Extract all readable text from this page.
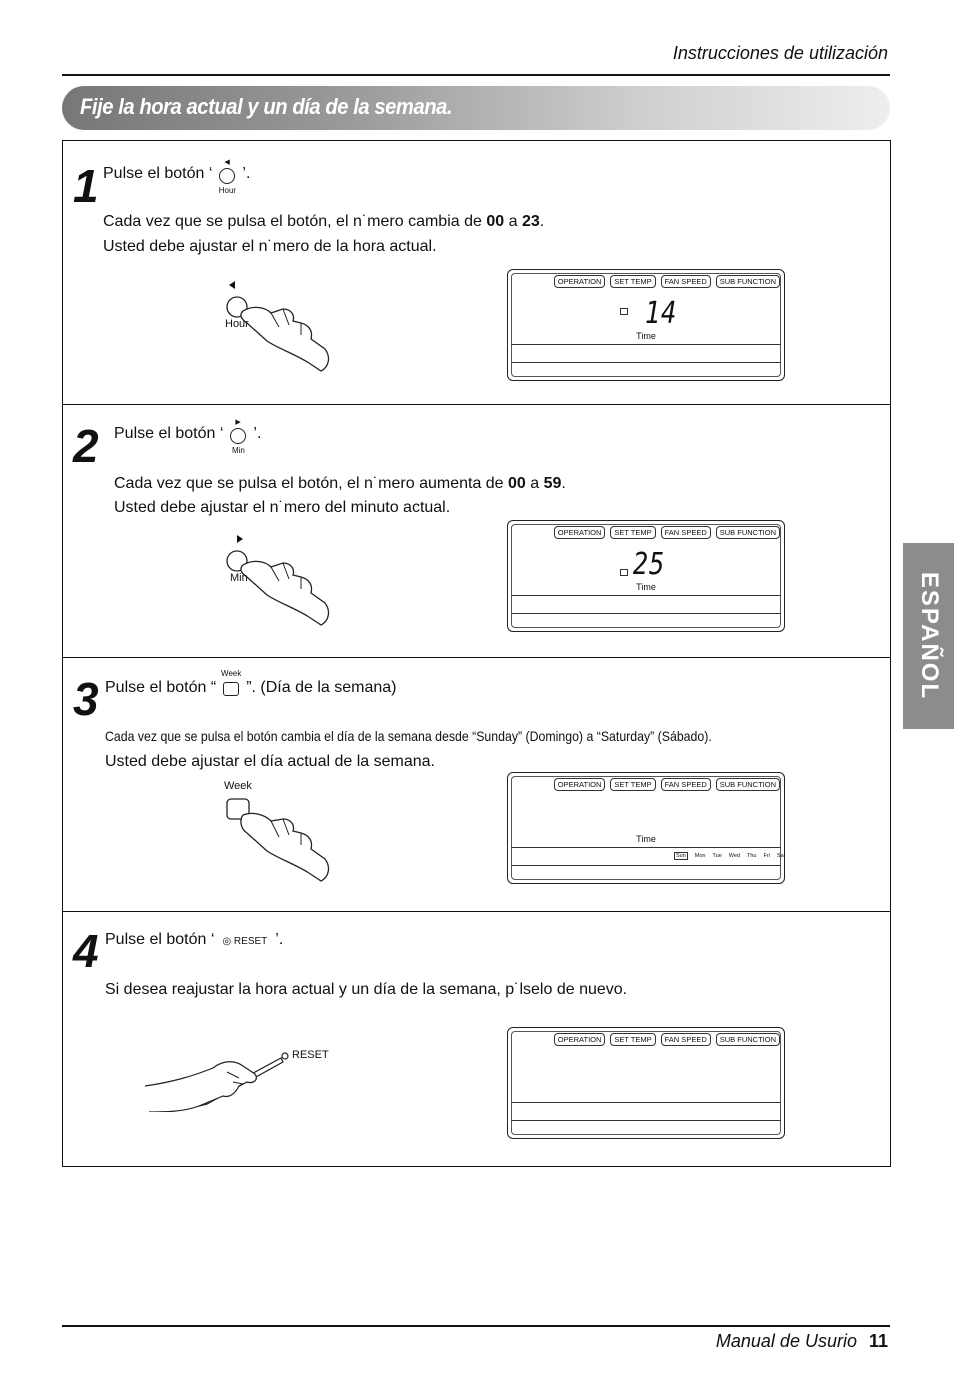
Instrucciones de utilización
Fije la hora actual y un día de la semana.
ESPAÑOL
1 Pulse el botón ‘
◀
Hour
’.
Cada vez que se pulsa el botón, el n˙mero cambia de 00 a 23.
Usted debe ajustar el n˙mero de la hora actual.
Hour
OPERATION	SET TEMP	FAN SPEED	SUB FUNCTION
14
Time
2 Pulse el botón ‘
▶
Min
’.
Cada vez que se pulsa el botón, el n˙mero aumenta de 00 a 59.
Usted debe ajustar el n˙mero del minuto actual.
Min
OPERATION	SET TEMP	FAN SPEED	SUB FUNCTION
25
Time
3 Pulse el botón “
Week
”. (Día de la semana)
Cada vez que se pulsa el botón cambia el día de la semana desde “Sunday” (Domingo) a “Saturday” (Sábado).
Usted debe ajustar el día actual de la semana.
Week	OPERATION	SET TEMP	FAN SPEED	SUB FUNCTION
Time
Sun Mon Tue Wed Thu Fri Sat
4 Pulse el botón ‘ ◎ RESET ’.
Si desea reajustar la hora actual y un día de la semana, p˙lselo de nuevo.
RESET
OPERATION	SET TEMP	FAN SPEED	SUB FUNCTION
Manual de Usurio 11
